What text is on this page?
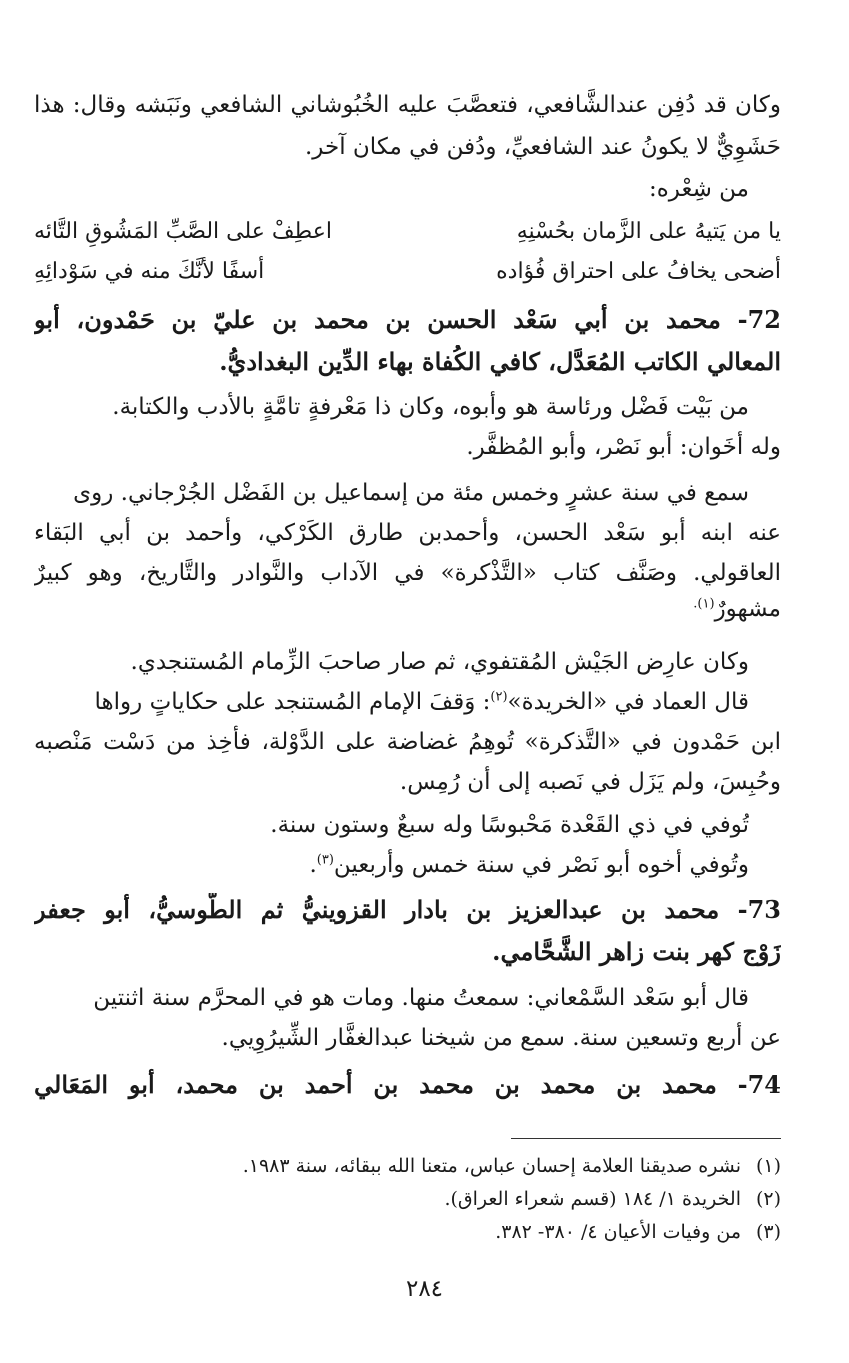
وكان قد دُفِن عندالشَّافعي، فتعصَّبَ عليه الخُبُوشاني الشافعي ونَبَشه وقال: هذا
حَشَوِيٌّ لا يكونُ عند الشافعيِّ، ودُفن في مكان آخر.
من شِعْره:
يا من يَتيهُ على الزَّمان بحُسْنِهِ
اعطِفْ على الصَّبِّ المَشُوقِ التَّائه
أضحى يخافُ على احتراق فُؤاده
أسفًا لأنَّكَ منه في سَوْدائِهِ
72- محمد بن أبي سَعْد الحسن بن محمد بن عليّ بن حَمْدون، أبو
المعالي الكاتب المُعَدَّل، كافي الكُفاة بهاء الدِّين البغداديُّ.
من بَيْت فَضْل ورئاسة هو وأبوه، وكان ذا مَعْرفةٍ تامَّةٍ بالأدب والكتابة.
وله أخَوان: أبو نَصْر، وأبو المُظفَّر.
سمع في سنة عشرٍ وخمس مئة من إسماعيل بن الفَضْل الجُرْجاني. روى
عنه ابنه أبو سَعْد الحسن، وأحمدبن طارق الكَرْكي، وأحمد بن أبي البَقاء
العاقولي. وصَنَّف كتاب «التَّذْكرة» في الآداب والنَّوادر والتَّاريخ، وهو كبيرٌ
مشهورٌ$^{(١).}$
وكان عارِض الجَيْش المُقتفوي، ثم صار صاحبَ الزِّمام المُستنجدي.
قال العماد في «الخريدة»$^{(٢)}$: وَقفَ الإمام المُستنجد على حكاياتٍ رواها
ابن حَمْدون في «التَّذكرة» تُوهِمُ غضاضة على الدَّوْلة، فأخِذ من دَسْت مَنْصبه
وحُبِسَ، ولم يَزَل في نَصبه إلى أن رُمِس.
تُوفي في ذي القَعْدة مَحْبوسًا وله سبعٌ وستون سنة.
وتُوفي أخوه أبو نَصْر في سنة خمس وأربعين$^{(٣)}$.
73- محمد بن عبدالعزيز بن بادار القزوينيُّ ثم الطُّوسيُّ، أبو جعفر
زَوْج كهر بنت زاهر الشَّحَّامي.
قال أبو سَعْد السَّمْعاني: سمعتُ منها. ومات هو في المحرَّم سنة اثنتين
عن أربع وتسعين سنة. سمع من شيخنا عبدالغفَّار الشِّيرُوِيي.
74- محمد بن محمد بن محمد بن أحمد بن محمد، أبو المَعَالي
(١)نشره صديقنا العلامة إحسان عباس، متعنا الله ببقائه، سنة ١٩٨٣.
(٢)الخريدة ١/ ١٨٤ (قسم شعراء العراق).
(٣)من وفيات الأعيان ٤/ ٣٨٠- ٣٨٢.
٢٨٤
